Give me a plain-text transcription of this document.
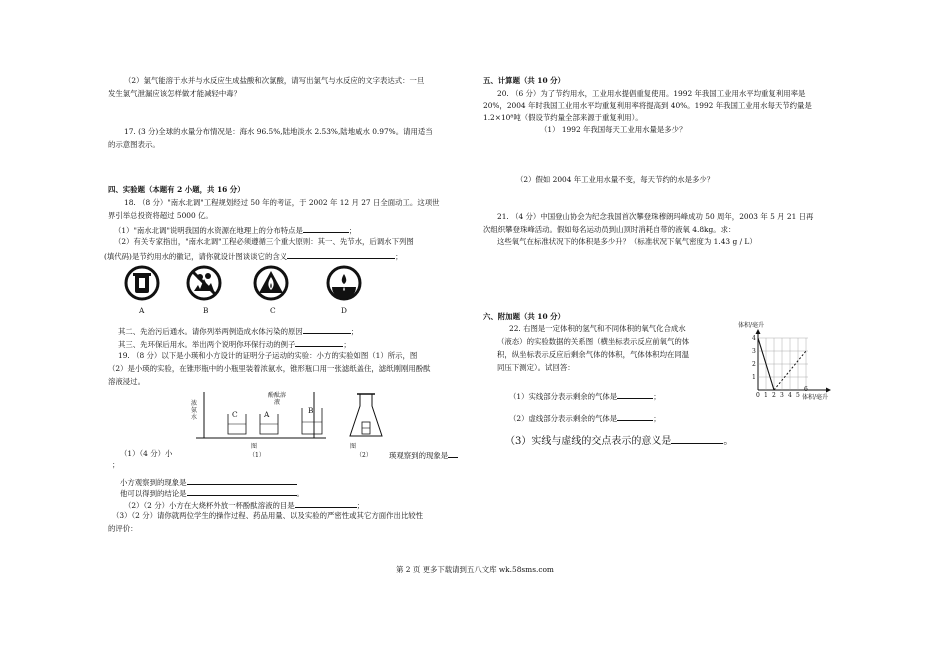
（2）氯气能溶于水并与水反应生成盐酸和次氯酸，请写出氯气与水反应的文字表达式：一旦
发生氯气泄漏应该怎样做才能减轻中毒？
17. (3 分)全球的水量分布情况是：海水 96.5%,陆地淡水 2.53%,陆地咸水 0.97%。请用适当
的示意图表示。
四、实验题（本题有 2 小题，共 16 分）
18. （8 分）"南水北调"工程规划经过 50 年的考证，于 2002 年 12 月 27 日全面动工。这项世
界引举总投资将超过 5000 亿。
（1）"南水北调"说明我国的水资源在地理上的分布特点是	；
（2）有关专家指出，"南水北调"工程必须遵循三个重大原则：其一、先节水，后调水下列图
(填代码)是节约用水的徽记，请你就设计图谈谈它的含义	；
A	B	C	D
其二、先治污后通水。请你列举两例造成水体污染的原因	；
其三、先环保后用水。举出两个说明你环保行动的例子	；
19. （8 分）以下是小瑛和小方设计的证明分子运动的实验：小方的实验如图（1）所示，图
（2）是小瑛的实验，在锥形瓶中的小瓶里装着浓氨水，锥形瓶口用一张滤纸盖住，滤纸刚刚用酚酞
溶液浸过。
浓氨水
酚酞溶液
C	A	B
图
（1）
图
（2）
（1）（4 分）小	瑛观察到的现象是
；
小方观察到的现象是
他可以得到的结论是	。
（2）（2 分）小方在大烧杯外放一杯酚酞溶液的目是	；
（3）（2 分）请你就两位学生的操作过程、药品用量、以及实验的严密性或其它方面作出比较性
的评价：
五、计算题（共 10 分）
20. （6 分）为了节约用水，工业用水提倡重复使用。1992 年我国工业用水平均重复利用率是
20%，2004 年时我国工业用水平均重复利用率将提高到 40%。1992 年我国工业用水每天节约量是
1.2×10⁸吨（假设节约量全部来源于重复利用）。
（1） 1992 年我国每天工业用水量是多少？
（2）假如 2004 年工业用水量不变，每天节约的水是多少？
21. （4 分）中国登山协会为纪念我国首次攀登珠穆朗玛峰成功 50 周年，2003 年 5 月 21 日再
次组织攀登珠峰活动。假如每名运动员到山顶时消耗自带的液氧 4.8kg。求：
这些氧气在标准状况下的体积是多少升？（标准状况下氧气密度为 1.43 g / L）
六、附加题（共 10 分）
22. 右图是一定体积的氢气和不同体积的氧气化合成水
（液态）的实验数据的关系图（横坐标表示反应前氧气的体
积，纵坐标表示反应后剩余气体的体积，气体体积均在同温
同压下测定）。试回答：
（1）实线部分表示剩余的气体是	；
（2）虚线部分表示剩余的气体是	；
（3）实线与虚线的交点表示的意义是	。
体积/毫升
体积/毫升
1
2
3
4
0 1 2 3 4 5
6
第 2 页 更多下载请到五八文库 wk.58sms.com
